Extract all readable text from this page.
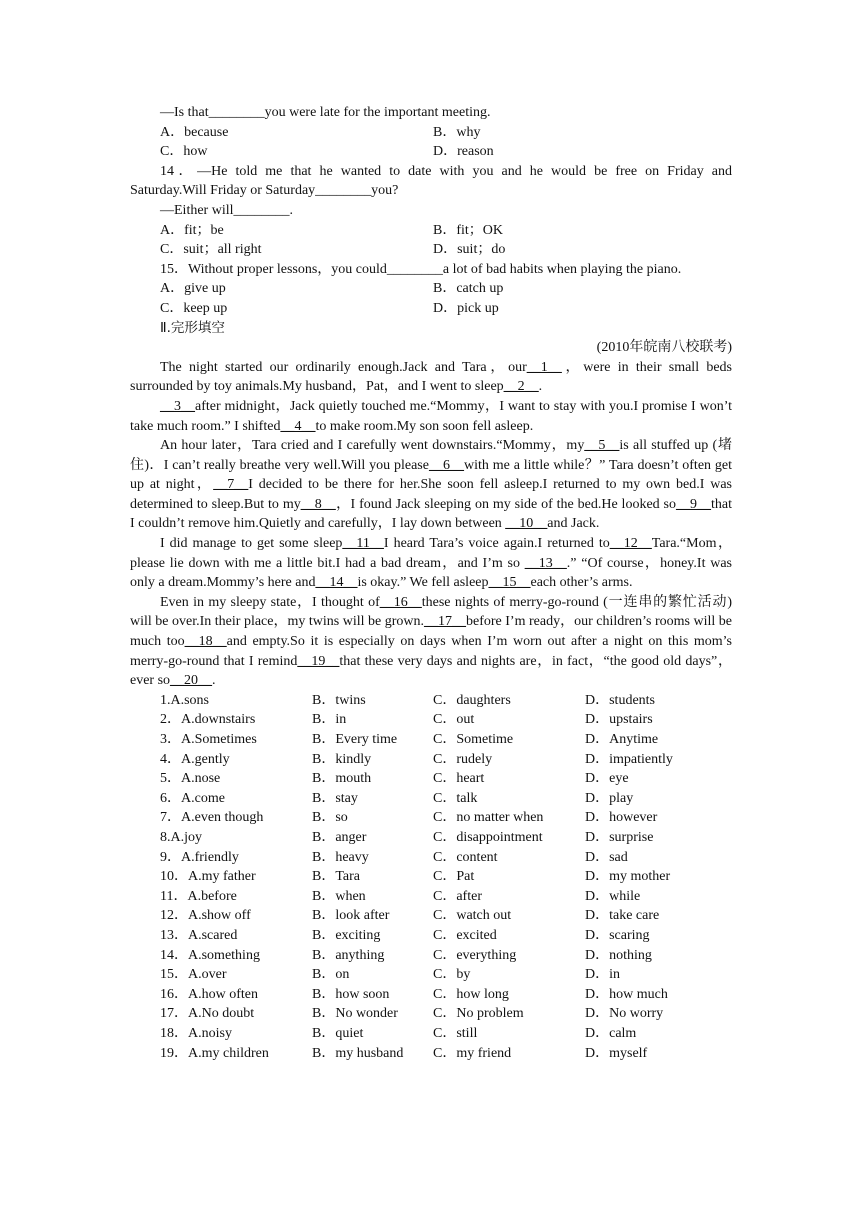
—Is that________you were late for the important meeting.
A．because	B．why
C．how	D．reason
14．—He told me that he wanted to date with you and he would be free on Friday and
Saturday.Will Friday or Saturday________you?
—Either will________.
A．fit；be	B．fit；OK
C．suit；all right	D．suit；do
15．Without proper lessons，you could________a lot of bad habits when playing the piano.
A．give up	B．catch up
C．keep up	D．pick up
Ⅱ.完形填空
(2010年皖南八校联考)

The night started our ordinarily enough.Jack and Tara，our__1__，were in their small beds surrounded by toy animals.My husband，Pat，and I went to sleep__2__.

__3__after midnight，Jack quietly touched me.“Mommy，I want to stay with you.I promise I won’t take much room.” I shifted__4__to make room.My son soon fell asleep.

An hour later，Tara cried and I carefully went downstairs.“Mommy，my__5__is all stuffed up (堵住)．I can’t really breathe very well.Will you please__6__with me a little while？” Tara doesn’t often get up at night，__7__I decided to be there for her.She soon fell asleep.I returned to my own bed.I was determined to sleep.But to my__8__，I found Jack sleeping on my side of the bed.He looked so__9__that I couldn’t remove him.Quietly and carefully，I lay down between __10__and Jack.

I did manage to get some sleep__11__I heard Tara’s voice again.I returned to__12__Tara.“Mom，please lie down with me a little bit.I had a bad dream，and I’m so __13__.” “Of course，honey.It was only a dream.Mommy’s here and__14__is okay.” We fell asleep__15__each other’s arms.

Even in my sleepy state，I thought of__16__these nights of merry-go-round (一连串的繁忙活动) will be over.In their place，my twins will be grown.__17__before I’m ready，our children’s rooms will be much too__18__and empty.So it is especially on days when I’m worn out after a night on this mom’s merry-go-round that I remind__19__that these very days and nights are，in fact，“the good old days”，ever so__20__.

1.A.sons	B．twins	C．daughters	D．students
2．A.downstairs	B．in	C．out	D．upstairs
3．A.Sometimes	B．Every time	C．Sometime	D．Anytime
4．A.gently	B．kindly	C．rudely	D．impatiently
5．A.nose	B．mouth	C．heart	D．eye
6．A.come	B．stay	C．talk	D．play
7．A.even though	B．so	C．no matter when	D．however
8.A.joy	B．anger	C．disappointment	D．surprise
9．A.friendly	B．heavy	C．content	D．sad
10．A.my father	B．Tara	C．Pat	D．my mother
11．A.before	B．when	C．after	D．while
12．A.show off	B．look after	C．watch out	D．take care
13．A.scared	B．exciting	C．excited	D．scaring
14．A.something	B．anything	C．everything	D．nothing
15．A.over	B．on	C．by	D．in
16．A.how often	B．how soon	C．how long	D．how much
17．A.No doubt	B．No wonder	C．No problem	D．No worry
18．A.noisy	B．quiet	C．still	D．calm
19．A.my children	B．my husband	C．my friend	D．myself
